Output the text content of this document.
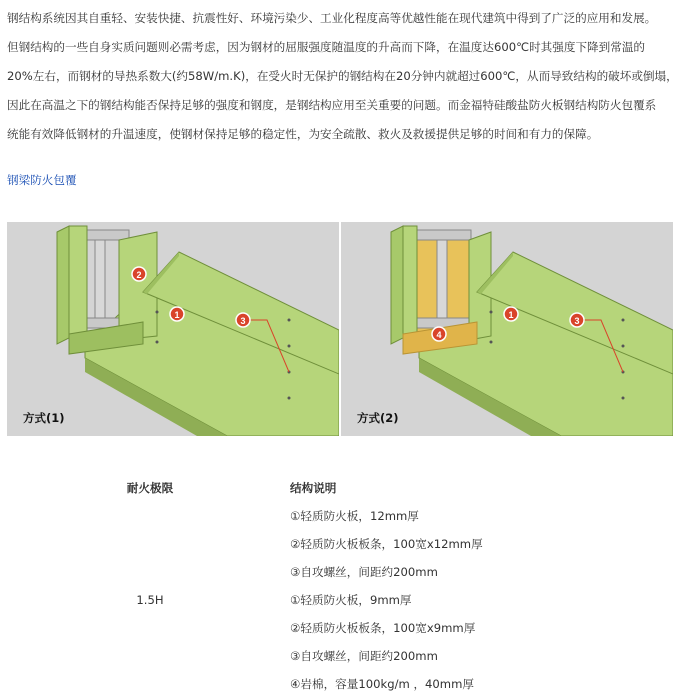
钢结构系统因其自重轻、安装快捷、抗震性好、环境污染少、工业化程度高等优越性能在现代建筑中得到了广泛的应用和发展。
但钢结构的一些自身实质问题则必需考虑，因为钢材的屈服强度随温度的升高而下降，在温度达600℃时其强度下降到常温的
20%左右，而钢材的导热系数大(约58W/m.K)，在受火时无保护的钢结构在20分钟内就超过600℃，从而导致结构的破坏或倒塌，
因此在高温之下的钢结构能否保持足够的强度和钢度，是钢结构应用至关重要的问题。而金福特硅酸盐防火板钢结构防火包覆系
统能有效降低钢材的升温速度，使钢材保持足够的稳定性，为安全疏散、救火及救援提供足够的时间和有力的保障。
钢梁防火包覆
2
1
3
方式(1)
1
3
4
方式(2)
耐火极限	结构说明
1.5H	①轻质防火板，12mm厚
	②轻质防火板板条，100宽x12mm厚
	③自攻螺丝，间距约200mm
	①轻质防火板，9mm厚
	②轻质防火板板条，100宽x9mm厚
	③自攻螺丝，间距约200mm
	④岩棉，容量100kg/m ，40mm厚
